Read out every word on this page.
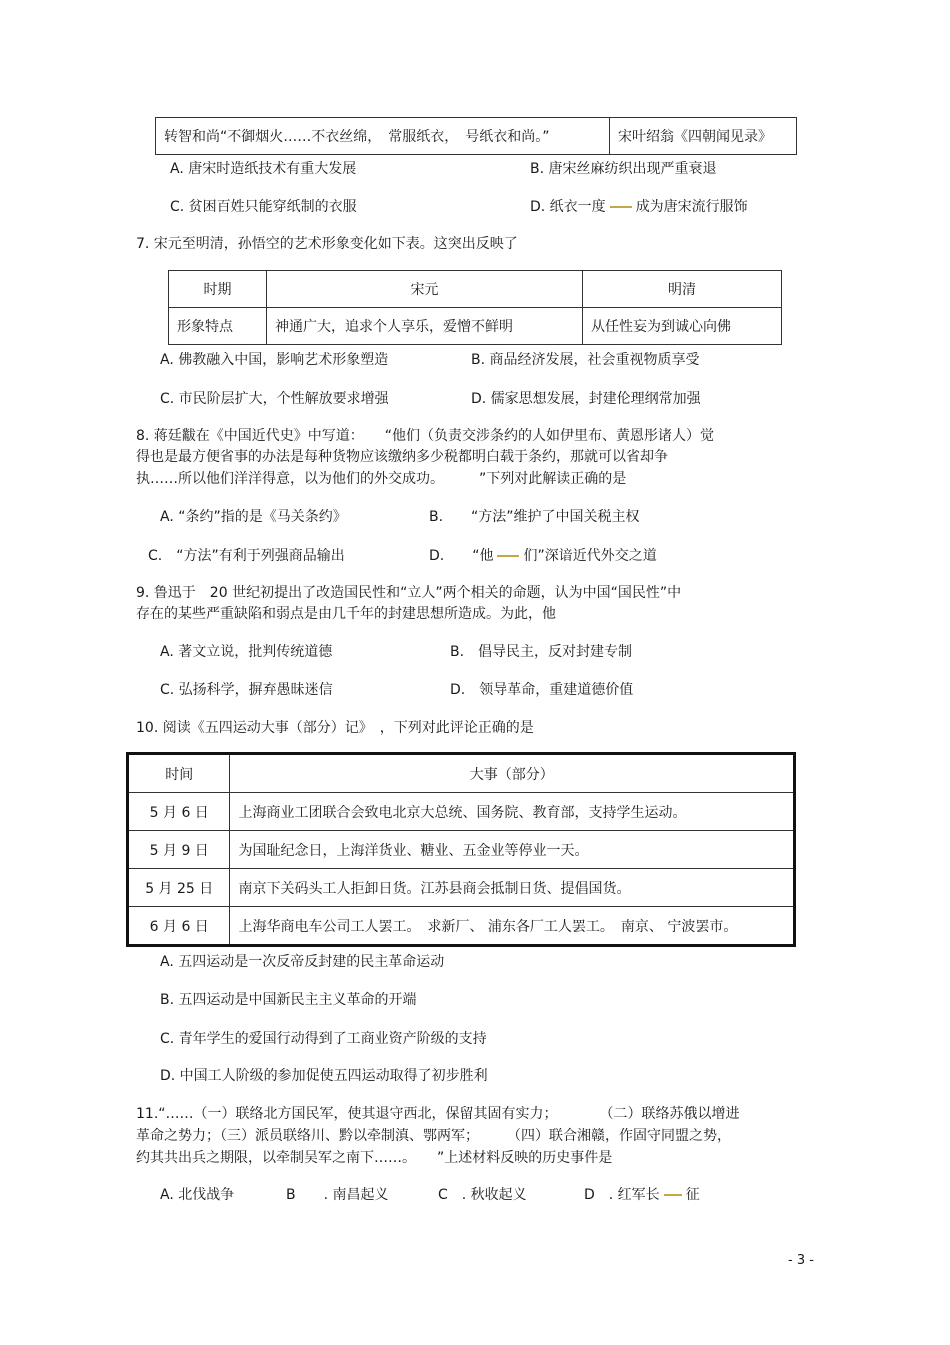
转智和尚“不御烟火……不衣丝绵，　常服纸衣，　号纸衣和尚。”	宋叶绍翁《四朝闻见录》
A. 唐宋时造纸技术有重大发展	B. 唐宋丝麻纺织出现严重衰退
C. 贫困百姓只能穿纸制的衣服	D. 纸衣一度 成为唐宋流行服饰
7. 宋元至明清，孙悟空的艺术形象变化如下表。这突出反映了
时期	宋元	明清
形象特点	神通广大，追求个人享乐，爱憎不鲜明	从任性妄为到诚心向佛
A. 佛教融入中国，影响艺术形象塑造	B. 商品经济发展，社会重视物质享受
C. 市民阶层扩大，个性解放要求增强	D. 儒家思想发展，封建伦理纲常加强
8. 蒋廷黻在《中国近代史》中写道：　　“他们（负责交涉条约的人如伊里布、黄恩彤诸人）觉
得也是最方便省事的办法是每种货物应该缴纳多少税都明白载于条约，那就可以省却争
执……所以他们洋洋得意，以为他们的外交成功。　　　”下列对此解读正确的是
A. “条约”指的是《马关条约》	B.　　“方法”维护了中国关税主权
C.　“方法”有利于列强商品输出	D.　　“他 们”深谙近代外交之道
9. 鲁迅于　20 世纪初提出了改造国民性和“立人”两个相关的命题，认为中国“国民性”中
存在的某些严重缺陷和弱点是由几千年的封建思想所造成。为此，他
A. 著文立说，批判传统道德	B.　倡导民主，反对封建专制
C. 弘扬科学，摒弃愚昧迷信	D.　领导革命，重建道德价值
10. 阅读《五四运动大事（部分）记》　，下列对此评论正确的是
时间	大事（部分）
5 月 6 日	上海商业工团联合会致电北京大总统、国务院、教育部，支持学生运动。
5 月 9 日	为国耻纪念日，上海洋货业、糖业、五金业等停业一天。
5 月 25 日	南京下关码头工人拒卸日货。江苏县商会抵制日货、提倡国货。
6 月 6 日	上海华商电车公司工人罢工。　求新厂、 浦东各厂工人罢工。　南京、 宁波罢市。
A. 五四运动是一次反帝反封建的民主革命运动
B. 五四运动是中国新民主主义革命的开端
C. 青年学生的爱国行动得到了工商业资产阶级的支持
D. 中国工人阶级的参加促使五四运动取得了初步胜利
11.“……（一）联络北方国民军，使其退守西北，保留其固有实力；　　　　（二）联络苏俄以增进
革命之势力；（三）派员联络川、黔以牵制滇、鄂两军；　　　（四）联合湘赣，作固守同盟之势，
约其共出兵之期限，以牵制吴军之南下……。　　”上述材料反映的历史事件是
A. 北伐战争	B　　. 南昌起义	C　. 秋收起义	D　. 红军长 征
- 3 -
